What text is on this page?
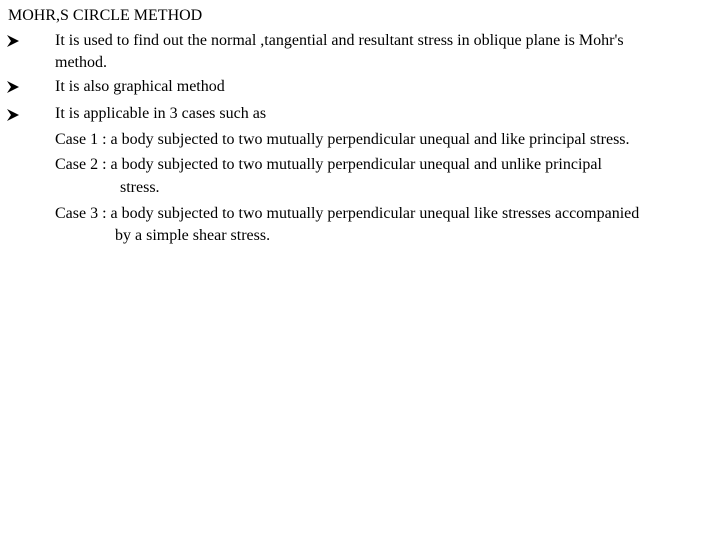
MOHR,S CIRCLE METHOD
It is used to find out the normal ,tangential and resultant stress in oblique plane is Mohr's
method.
It is also graphical method
It is applicable in 3 cases such as
Case 1 : a body subjected to two mutually perpendicular unequal and like principal stress.
Case 2 : a body subjected to two mutually perpendicular unequal and unlike principal
stress.
Case 3 : a body subjected to two mutually perpendicular unequal like stresses accompanied
by a simple shear stress.
